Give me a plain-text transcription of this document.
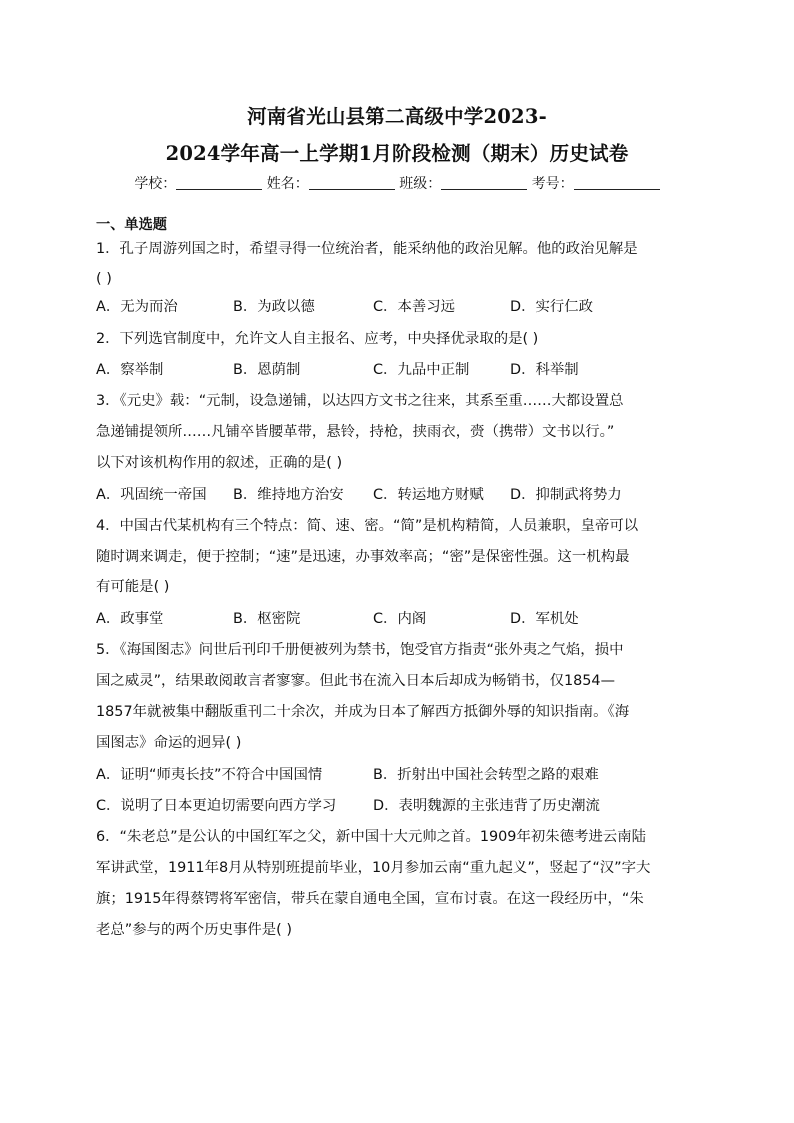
河南省光山县第二高级中学2023-
2024学年高一上学期1月阶段检测（期末）历史试卷
学校：	姓名：	班级：	考号：
一、单选题
1．孔子周游列国之时，希望寻得一位统治者，能采纳他的政治见解。他的政治见解是
( )
A．无为而治	B．为政以德	C．本善习远	D．实行仁政
2．下列选官制度中，允许文人自主报名、应考，中央择优录取的是( )
A．察举制	B．恩荫制	C．九品中正制	D．科举制
3．《元史》载：“元制，设急递铺，以达四方文书之往来，其系至重……大都设置总
急递铺提领所……凡铺卒皆腰革带，悬铃，持枪，挟雨衣，赍（携带）文书以行。”
以下对该机构作用的叙述，正确的是( )
A．巩固统一帝国 B．维持地方治安 C．转运地方财赋 D．抑制武将势力
4．中国古代某机构有三个特点：简、速、密。“简”是机构精简，人员兼职，皇帝可以
随时调来调走，便于控制；“速”是迅速，办事效率高；“密”是保密性强。这一机构最
有可能是( )
A．政事堂	B．枢密院	C．内阁	D．军机处
5．《海国图志》问世后刊印千册便被列为禁书，饱受官方指责“张外夷之气焰，损中
国之威灵”，结果敢阅敢言者寥寥。但此书在流入日本后却成为畅销书，仅1854—
1857年就被集中翻版重刊二十余次，并成为日本了解西方抵御外辱的知识指南。《海
国图志》命运的迥异( )
A．证明“师夷长技”不符合中国国情	B．折射出中国社会转型之路的艰难
C．说明了日本更迫切需要向西方学习	D．表明魏源的主张违背了历史潮流
6．“朱老总”是公认的中国红军之父，新中国十大元帅之首。1909年初朱德考进云南陆
军讲武堂，1911年8月从特别班提前毕业，10月参加云南“重九起义”，竖起了“汉”字大
旗；1915年得蔡锷将军密信，带兵在蒙自通电全国，宣布讨袁。在这一段经历中，“朱
老总”参与的两个历史事件是( )
